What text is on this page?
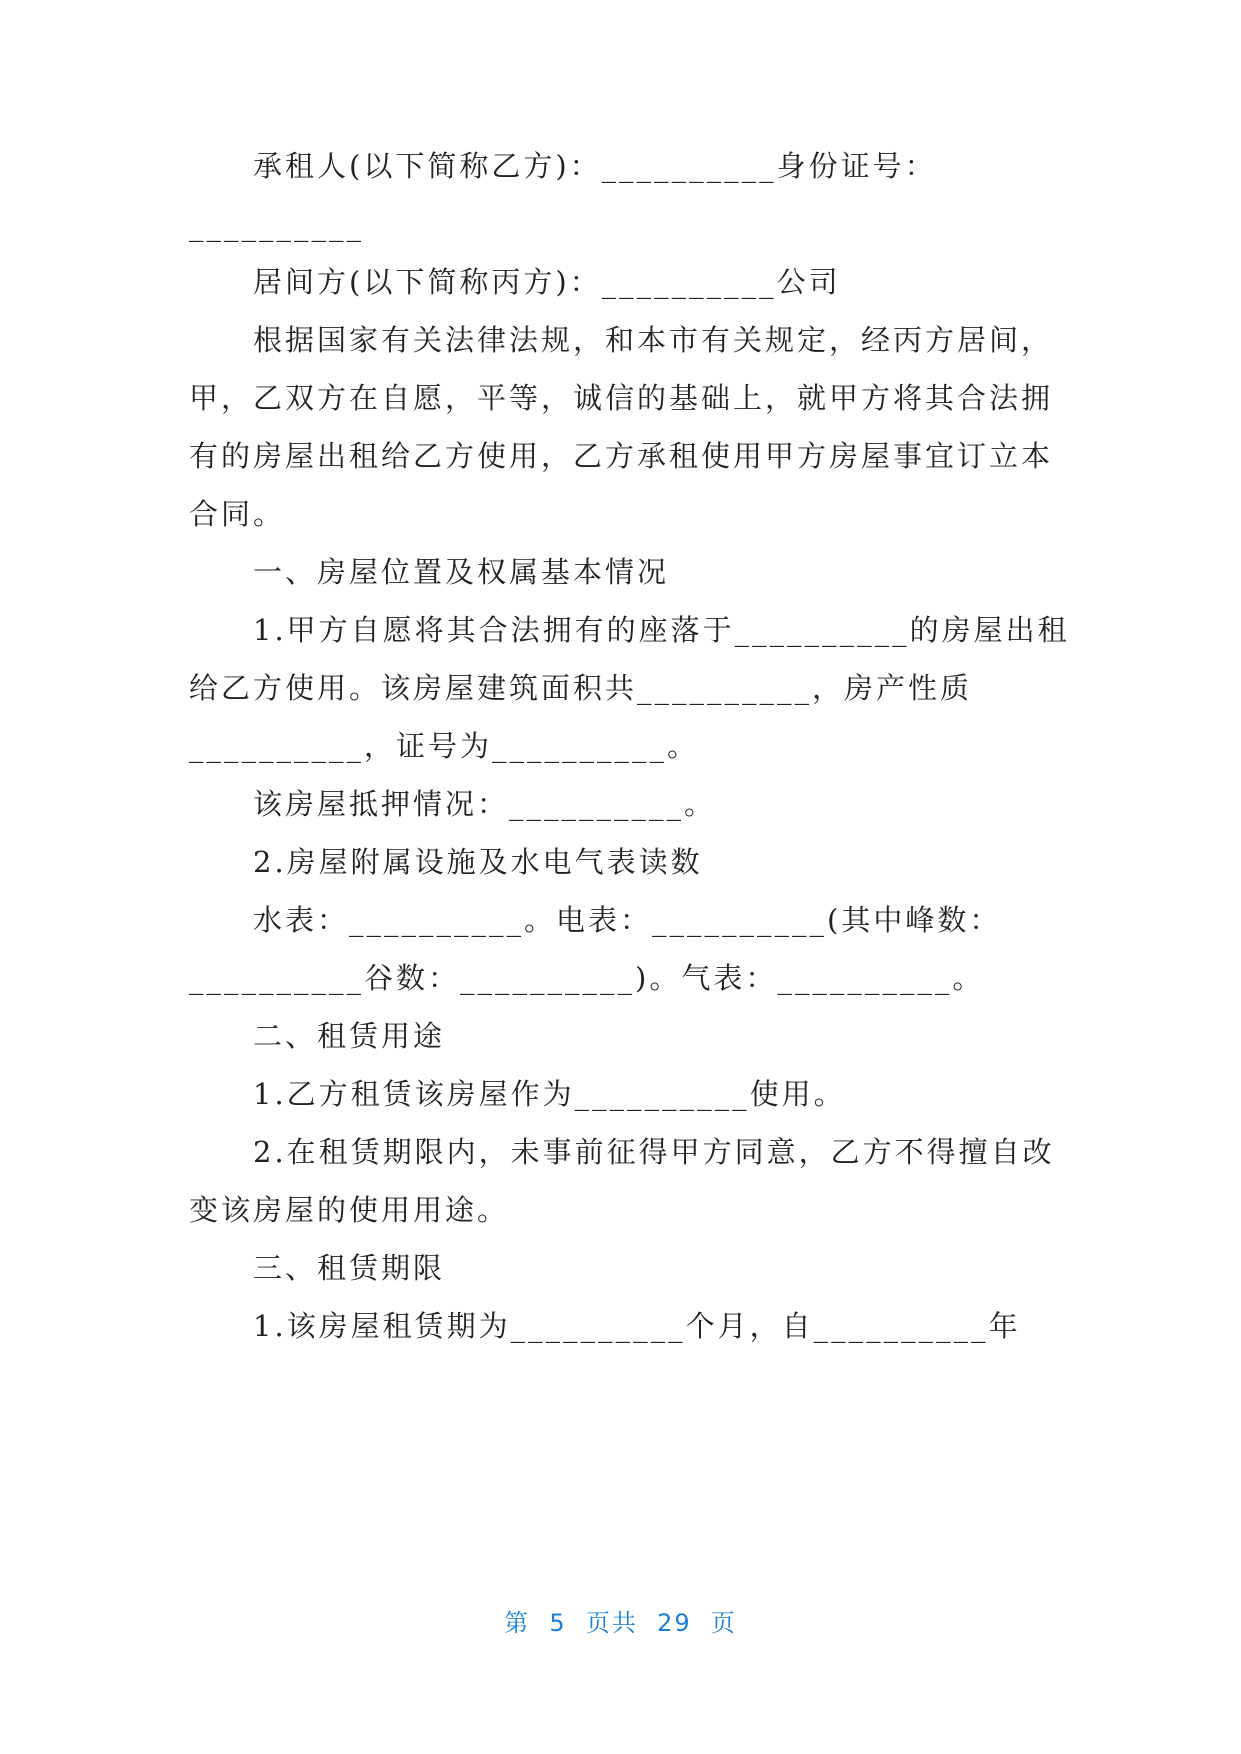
承租人(以下简称乙方)：__________身份证号：
__________
居间方(以下简称丙方)：__________公司
根据国家有关法律法规，和本市有关规定，经丙方居间，
甲，乙双方在自愿，平等，诚信的基础上，就甲方将其合法拥
有的房屋出租给乙方使用，乙方承租使用甲方房屋事宜订立本
合同。
一、房屋位置及权属基本情况
1.甲方自愿将其合法拥有的座落于__________的房屋出租
给乙方使用。该房屋建筑面积共__________，房产性质
__________，证号为__________。
该房屋抵押情况：__________。
2.房屋附属设施及水电气表读数
水表：__________。电表：__________(其中峰数：
__________谷数：__________)。气表：__________。
二、租赁用途
1.乙方租赁该房屋作为__________使用。
2.在租赁期限内，未事前征得甲方同意，乙方不得擅自改
变该房屋的使用用途。
三、租赁期限
1.该房屋租赁期为__________个月，自__________年
第  5  页共  29  页
